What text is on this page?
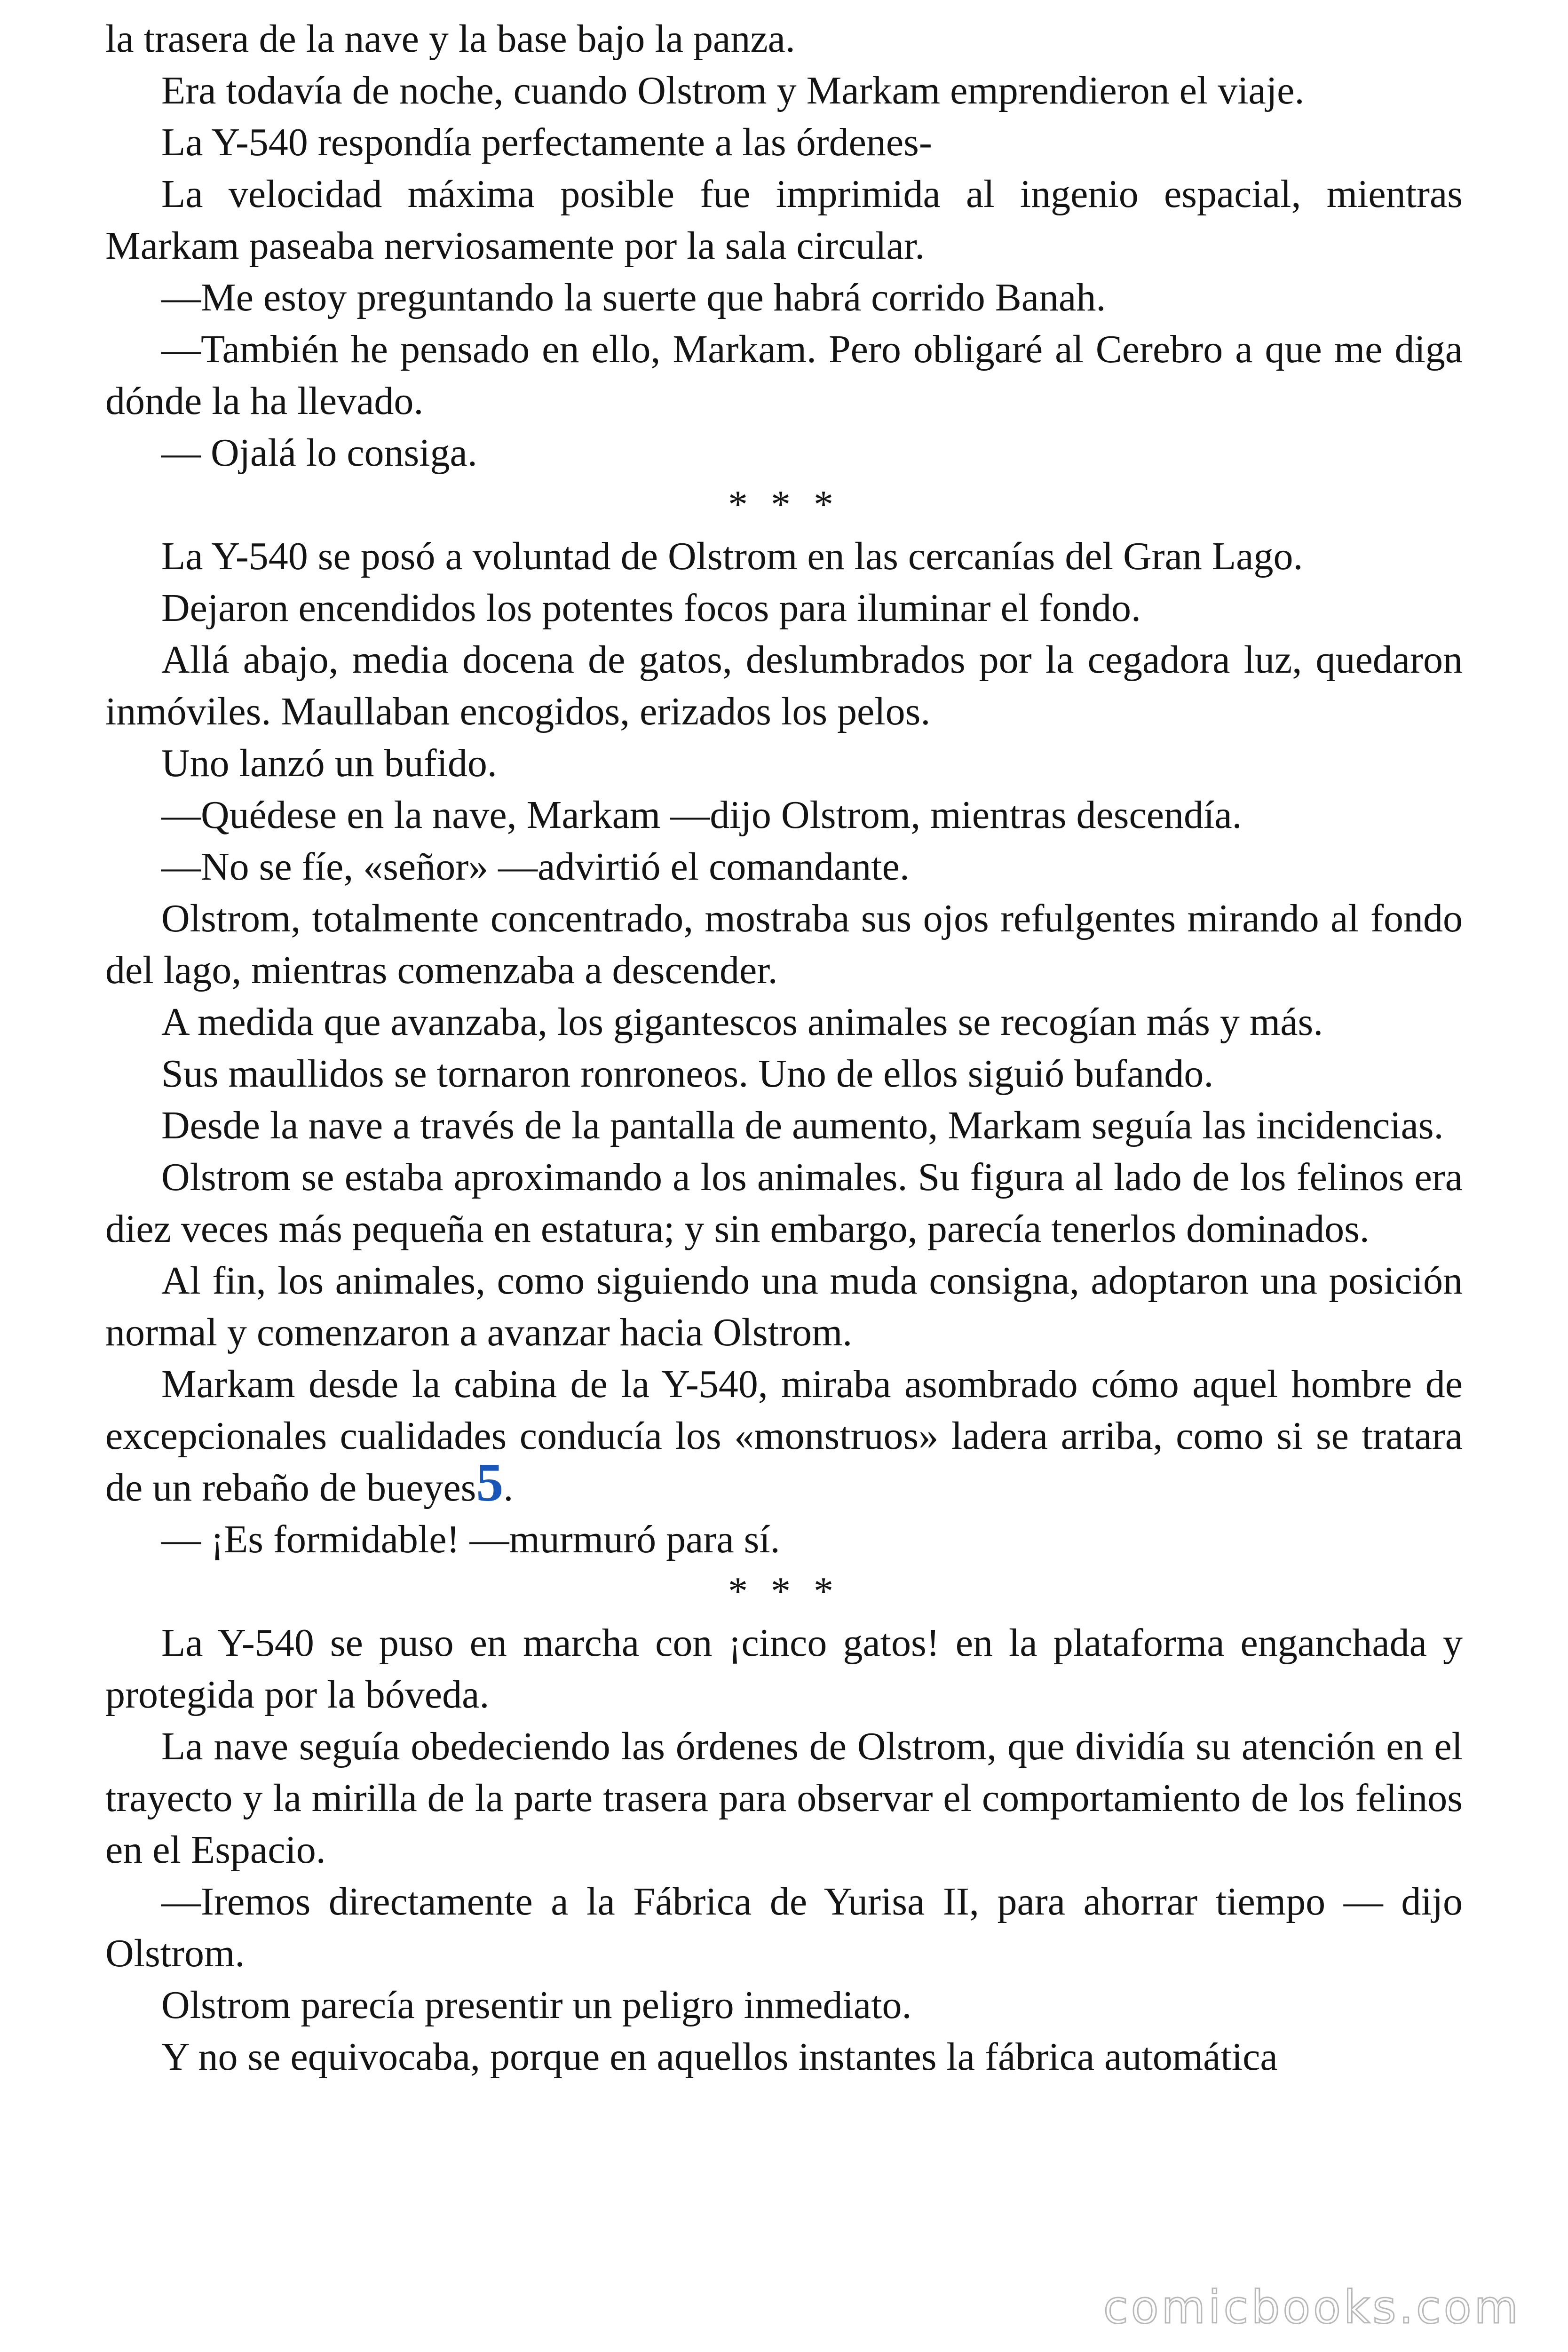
la trasera de la nave y la base bajo la panza.

Era todavía de noche, cuando Olstrom y Markam emprendieron el viaje.

La Y-540 respondía perfectamente a las órdenes-

La velocidad máxima posible fue imprimida al ingenio espacial, mientras Markam paseaba nerviosamente por la sala circular.

—Me estoy preguntando la suerte que habrá corrido Banah.

—También he pensado en ello, Markam. Pero obligaré al Cerebro a que me diga dónde la ha llevado.

— Ojalá lo consiga.

* * *

La Y-540 se posó a voluntad de Olstrom en las cercanías del Gran Lago.

Dejaron encendidos los potentes focos para iluminar el fondo.

Allá abajo, media docena de gatos, deslumbrados por la cegadora luz, quedaron inmóviles. Maullaban encogidos, erizados los pelos.

Uno lanzó un bufido.

—Quédese en la nave, Markam —dijo Olstrom, mientras descendía.

—No se fíe, «señor» —advirtió el comandante.

Olstrom, totalmente concentrado, mostraba sus ojos refulgentes mirando al fondo del lago, mientras comenzaba a descender.

A medida que avanzaba, los gigantescos animales se recogían más y más.

Sus maullidos se tornaron ronroneos. Uno de ellos siguió bufando.

Desde la nave a través de la pantalla de aumento, Markam seguía las incidencias.

Olstrom se estaba aproximando a los animales. Su figura al lado de los felinos era diez veces más pequeña en estatura; y sin embargo, parecía tenerlos dominados.

Al fin, los animales, como siguiendo una muda consigna, adoptaron una posición normal y comenzaron a avanzar hacia Olstrom.

Markam desde la cabina de la Y-540, miraba asombrado cómo aquel hombre de excepcionales cualidades conducía los «monstruos» ladera arriba, como si se tratara de un rebaño de bueyes5.

— ¡Es formidable! —murmuró para sí.

* * *

La Y-540 se puso en marcha con ¡cinco gatos! en la plataforma enganchada y protegida por la bóveda.

La nave seguía obedeciendo las órdenes de Olstrom, que dividía su atención en el trayecto y la mirilla de la parte trasera para observar el comportamiento de los felinos en el Espacio.

—Iremos directamente a la Fábrica de Yurisa II, para ahorrar tiempo — dijo Olstrom.

Olstrom parecía presentir un peligro inmediato.

Y no se equivocaba, porque en aquellos instantes la fábrica automática

comicbooks.com
